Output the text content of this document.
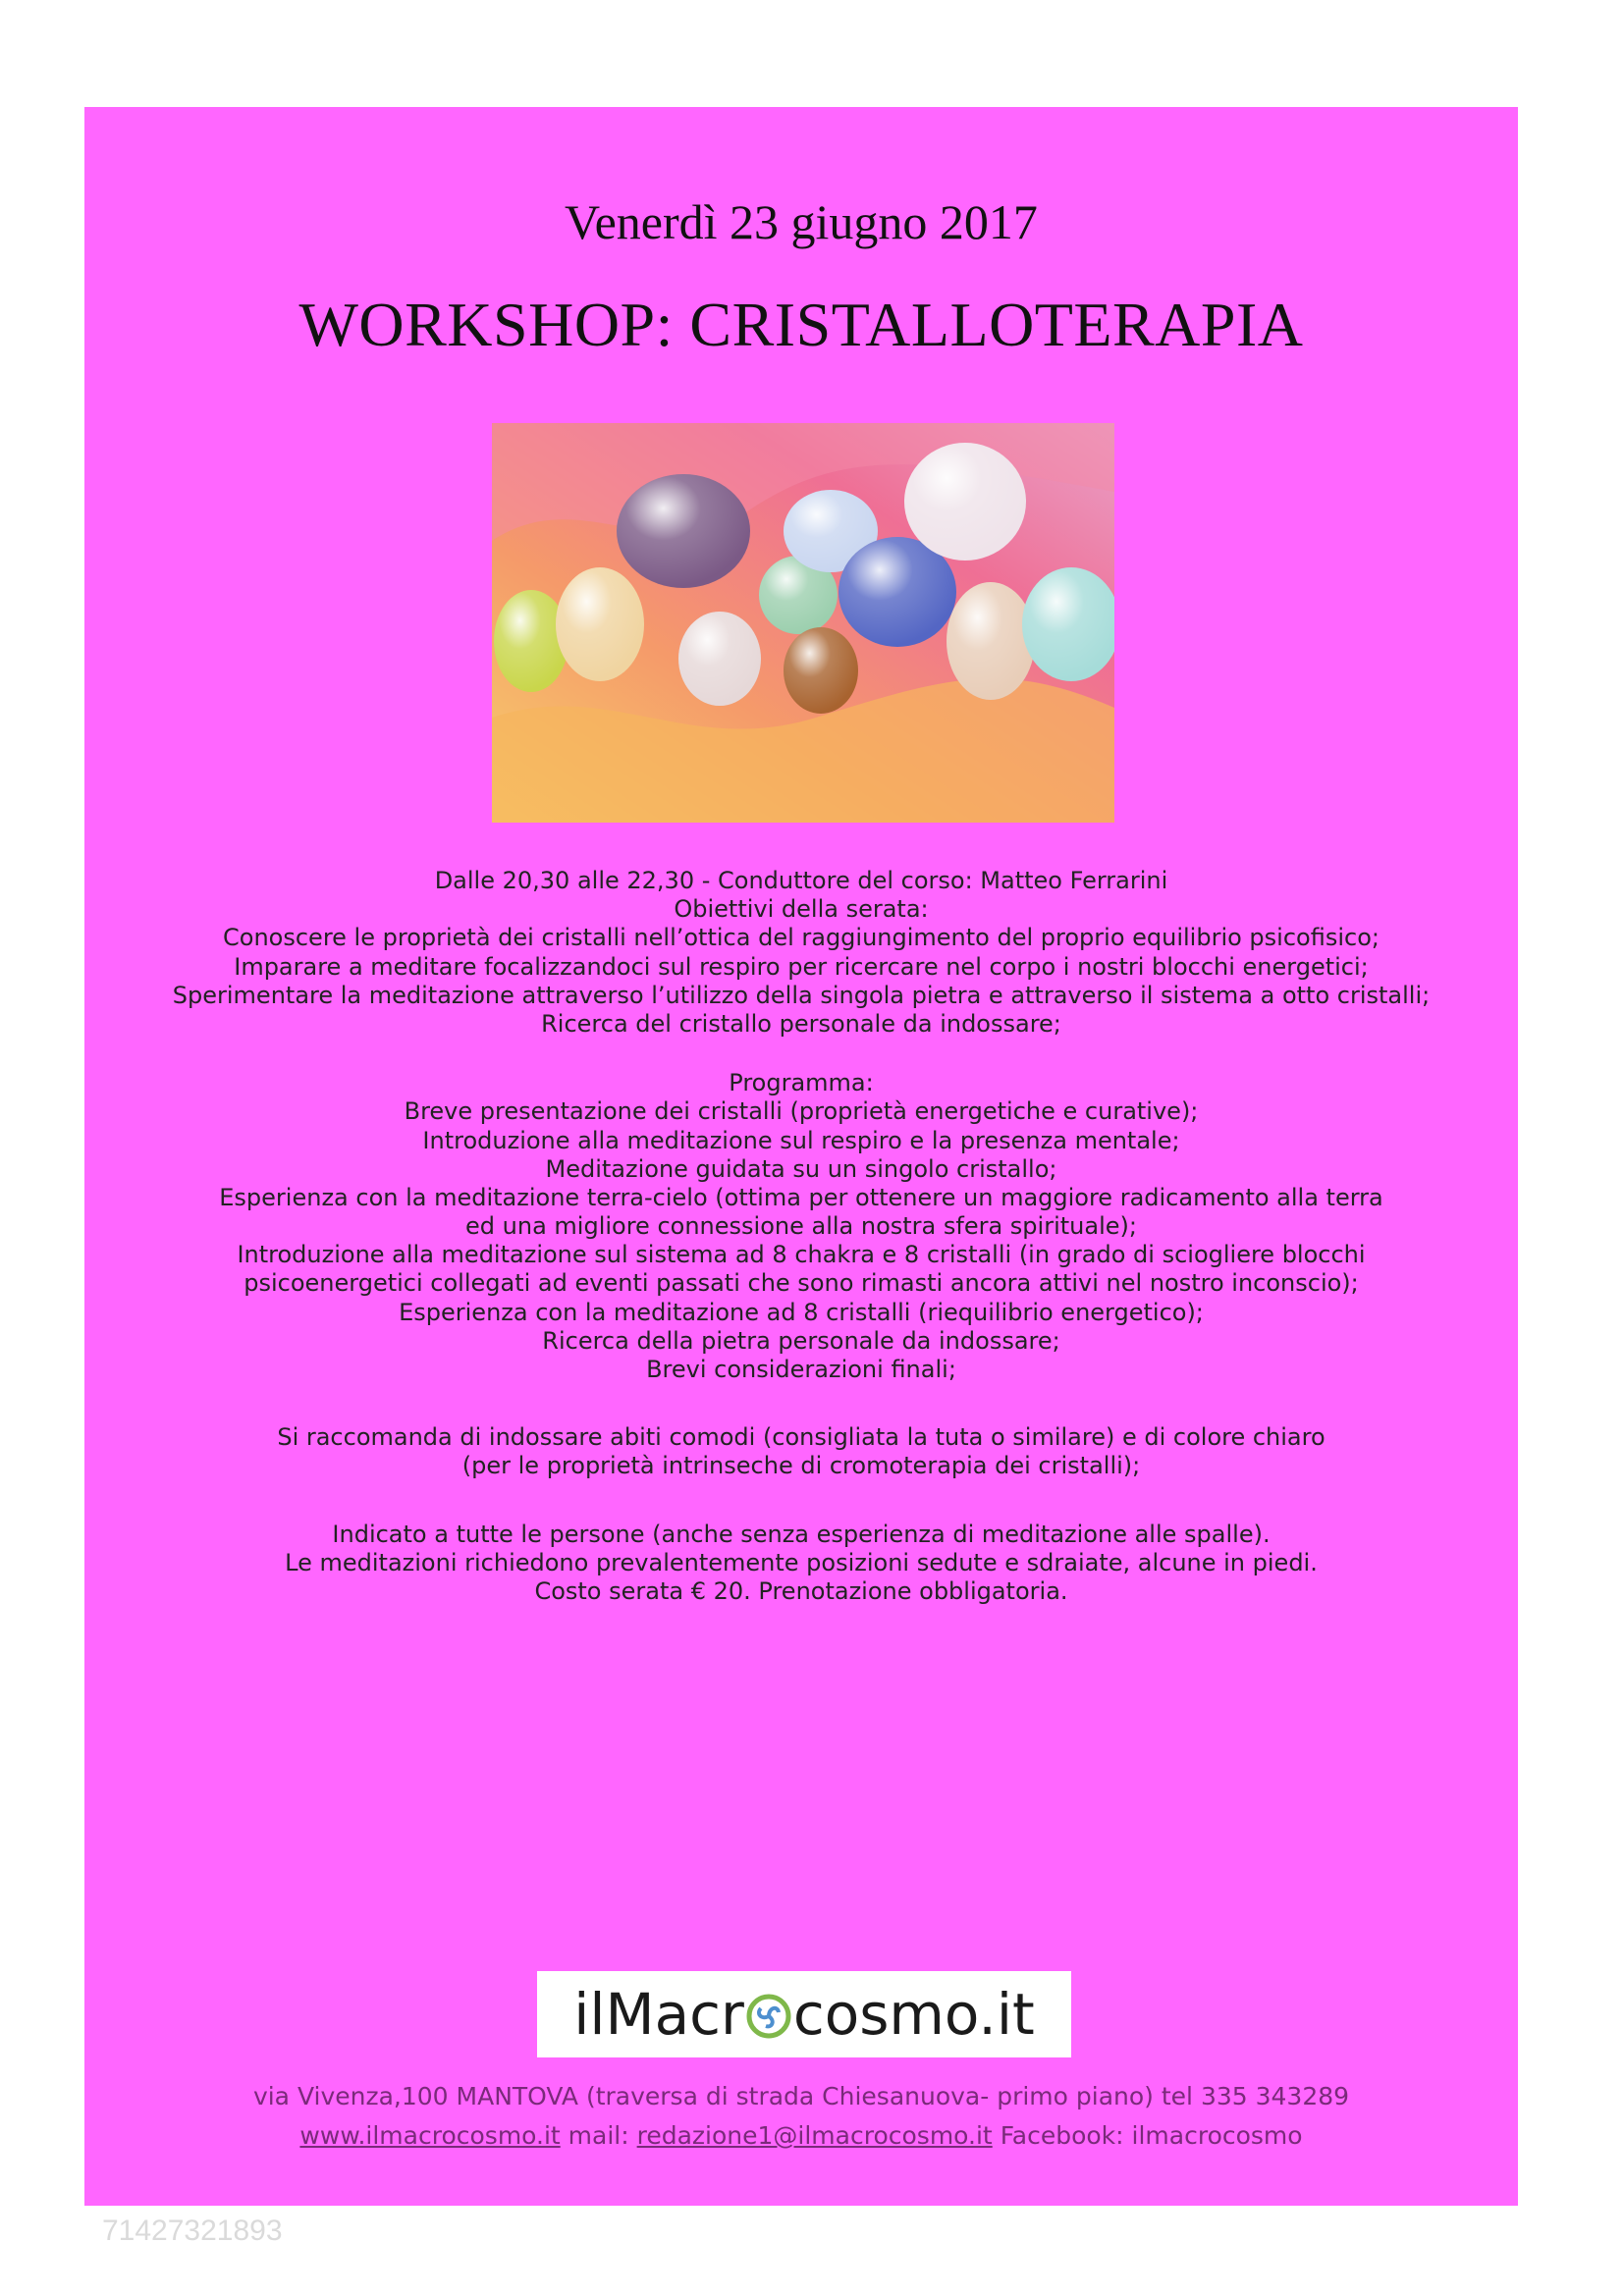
Venerdì 23 giugno 2017
WORKSHOP: CRISTALLOTERAPIA

Dalle 20,30 alle 22,30 - Conduttore del corso: Matteo Ferrarini

Obiettivi della serata:

Conoscere le proprietà dei cristalli nell’ottica del raggiungimento del proprio equilibrio psicofisico;

Imparare a meditare focalizzandoci sul respiro per ricercare nel corpo i nostri blocchi energetici;

Sperimentare la meditazione attraverso l’utilizzo della singola pietra e attraverso il sistema a otto cristalli;

Ricerca del cristallo personale da indossare;

Programma:

Breve presentazione dei cristalli (proprietà energetiche e curative);

Introduzione alla meditazione sul respiro e la presenza mentale;

Meditazione guidata su un singolo cristallo;

Esperienza con la meditazione terra-cielo (ottima per ottenere un maggiore radicamento alla terra

ed una migliore connessione alla nostra sfera spirituale);

Introduzione alla meditazione sul sistema ad 8 chakra e 8 cristalli (in grado di sciogliere blocchi

psicoenergetici collegati ad eventi passati che sono rimasti ancora attivi nel nostro inconscio);

Esperienza con la meditazione ad 8 cristalli (riequilibrio energetico);

Ricerca della pietra personale da indossare;

Brevi considerazioni finali;

Si raccomanda di indossare abiti comodi (consigliata la tuta o similare) e di colore chiaro

(per le proprietà intrinseche di cromoterapia dei cristalli);

Indicato a tutte le persone (anche senza esperienza di meditazione alle spalle).

Le meditazioni richiedono prevalentemente posizioni sedute e sdraiate, alcune in piedi.

Costo serata € 20. Prenotazione obbligatoria.

ilMacr cosmo.it
via Vivenza,100 MANTOVA (traversa di strada Chiesanuova- primo piano) tel 335 343289
www.ilmacrocosmo.it mail: redazione1@ilmacrocosmo.it Facebook: ilmacrocosmo
71427321893
